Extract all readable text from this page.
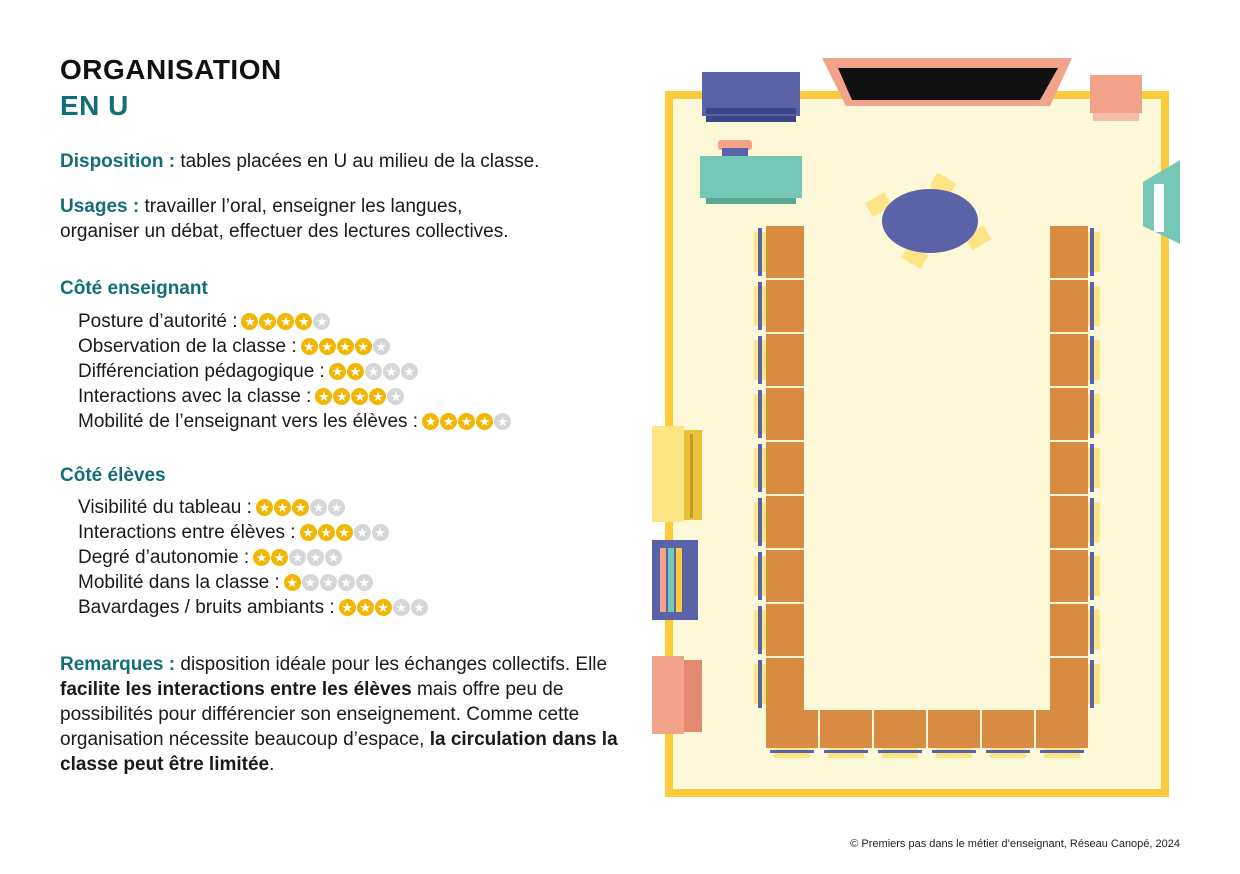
ORGANISATION
EN U
Disposition : tables placées en U au milieu de la classe.
Usages : travailler l’oral, enseigner les langues, organiser un débat, effectuer des lectures collectives.
Côté enseignant
Posture d’autorité : ★ ★ ★ ★ ★
Observation de la classe : ★ ★ ★ ★ ★
Différenciation pédagogique : ★ ★ ★ ★ ★
Interactions avec la classe : ★ ★ ★ ★ ★
Mobilité de l’enseignant vers les élèves : ★ ★ ★ ★ ★
Côté élèves
Visibilité du tableau : ★ ★ ★ ★ ★
Interactions entre élèves : ★ ★ ★ ★ ★
Degré d’autonomie : ★ ★ ★ ★ ★
Mobilité dans la classe : ★ ★ ★ ★ ★
Bavardages / bruits ambiants : ★ ★ ★ ★ ★
Remarques : disposition idéale pour les échanges collectifs. Elle facilite les interactions entre les élèves mais offre peu de possibilités pour différencier son enseignement. Comme cette organisation nécessite beaucoup d’espace, la circulation dans la classe peut être limitée.
© Premiers pas dans le métier d’enseignant, Réseau Canopé, 2024
